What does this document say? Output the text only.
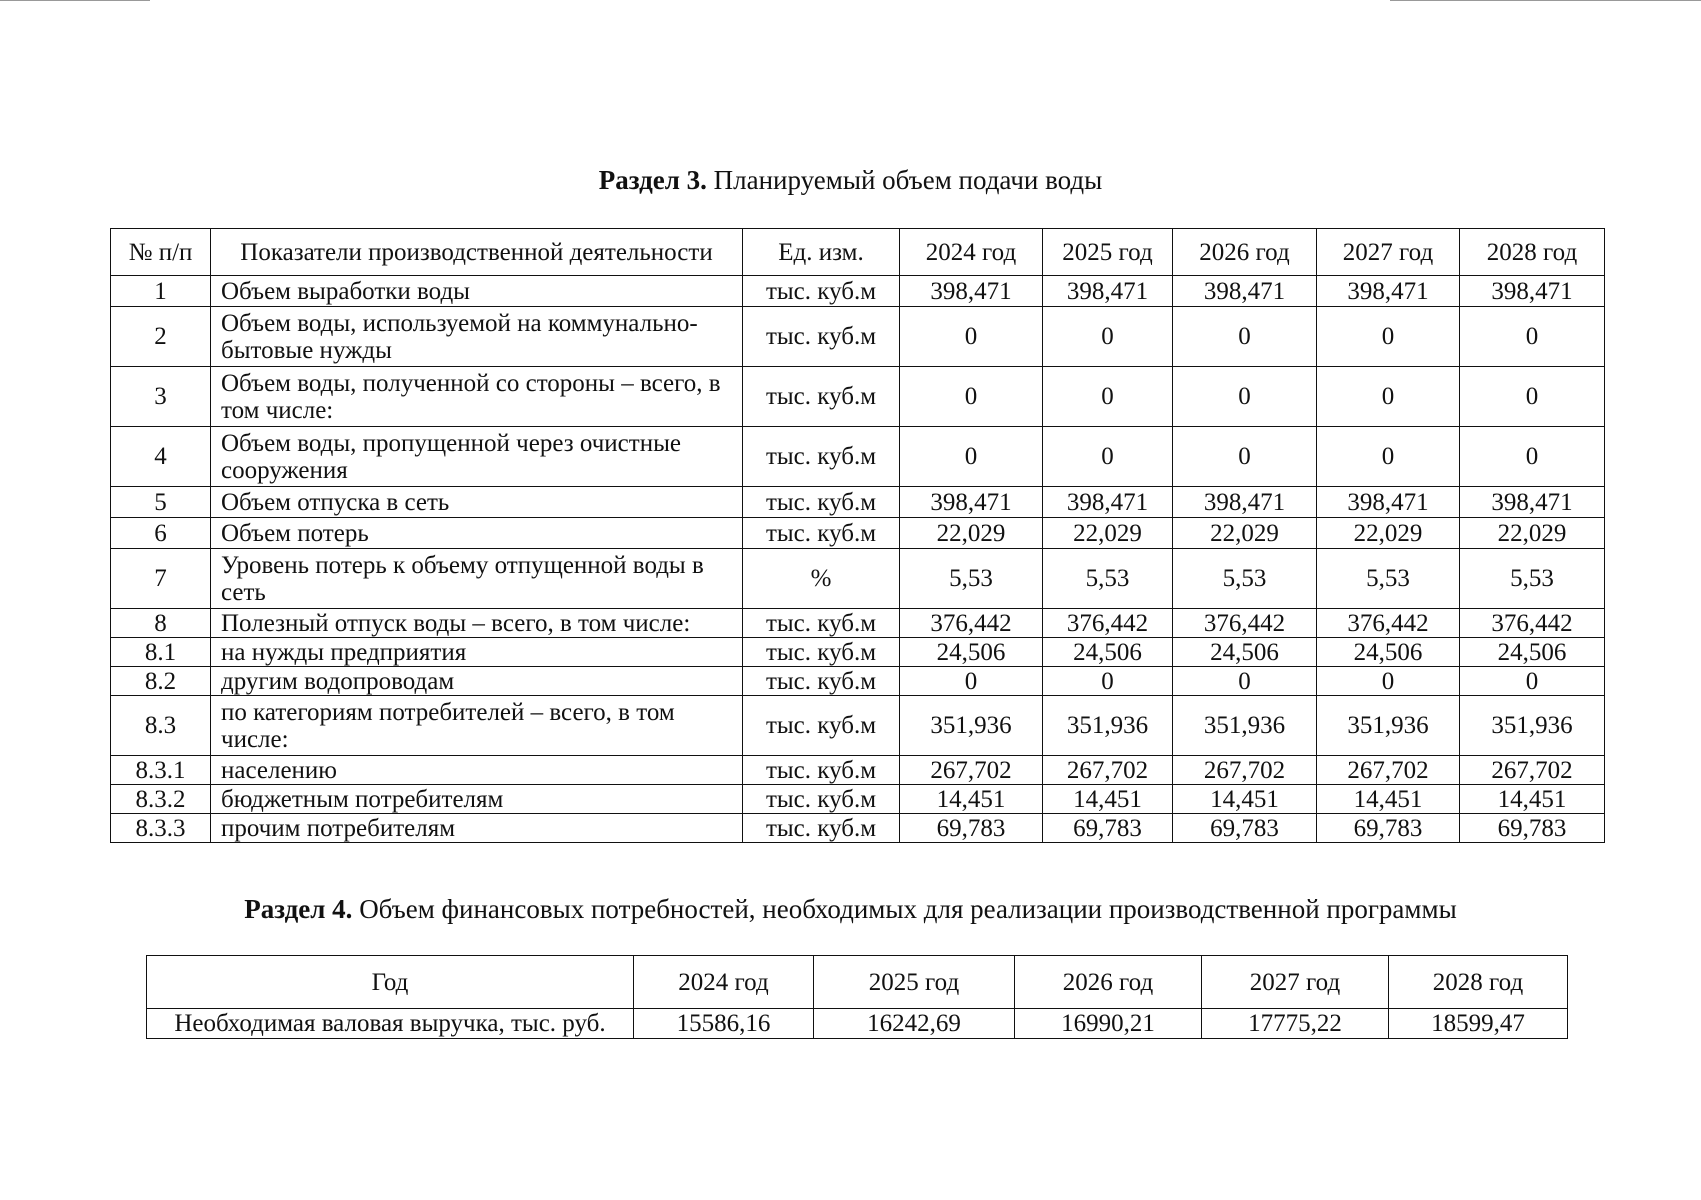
Раздел 3. Планируемый объем подачи воды
№ п/п	Показатели производственной деятельности	Ед. изм.	2024 год	2025 год	2026 год	2027 год	2028 год
1	Объем выработки воды	тыс. куб.м	398,471	398,471	398,471	398,471	398,471
2	Объем воды, используемой на коммунально-бытовые нужды	тыс. куб.м	0	0	0	0	0
3	Объем воды, полученной со стороны – всего, в том числе:	тыс. куб.м	0	0	0	0	0
4	Объем воды, пропущенной через очистные сооружения	тыс. куб.м	0	0	0	0	0
5	Объем отпуска в сеть	тыс. куб.м	398,471	398,471	398,471	398,471	398,471
6	Объем потерь	тыс. куб.м	22,029	22,029	22,029	22,029	22,029
7	Уровень потерь к объему отпущенной воды в сеть	%	5,53	5,53	5,53	5,53	5,53
8	Полезный отпуск воды – всего, в том числе:	тыс. куб.м	376,442	376,442	376,442	376,442	376,442
8.1	на нужды предприятия	тыс. куб.м	24,506	24,506	24,506	24,506	24,506
8.2	другим водопроводам	тыс. куб.м	0	0	0	0	0
8.3	по категориям потребителей – всего, в том числе:	тыс. куб.м	351,936	351,936	351,936	351,936	351,936
8.3.1	населению	тыс. куб.м	267,702	267,702	267,702	267,702	267,702
8.3.2	бюджетным потребителям	тыс. куб.м	14,451	14,451	14,451	14,451	14,451
8.3.3	прочим потребителям	тыс. куб.м	69,783	69,783	69,783	69,783	69,783
Раздел 4. Объем финансовых потребностей, необходимых для реализации производственной программы
Год	2024 год	2025 год	2026 год	2027 год	2028 год
Необходимая валовая выручка, тыс. руб.	15586,16	16242,69	16990,21	17775,22	18599,47
